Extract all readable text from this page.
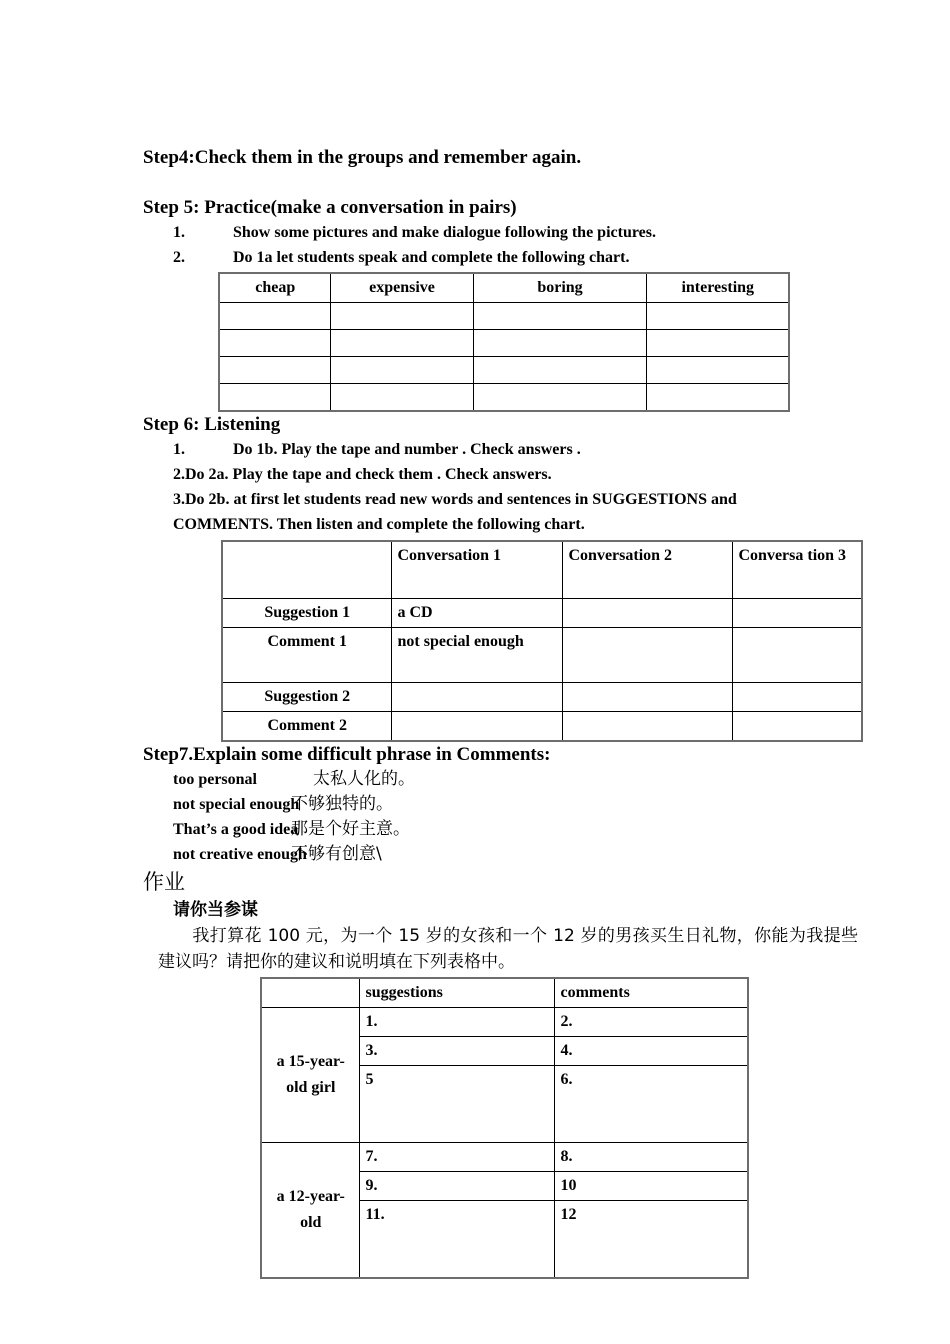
Step4:Check them in the groups and remember again.
Step 5: Practice(make a conversation in pairs)
1.	Show some pictures and make dialogue following the pictures.
2.	Do 1a let students speak and complete the following chart.
cheap	expensive	boring	interesting

Step 6: Listening
1.	Do 1b. Play the tape and number . Check answers .
2.Do 2a. Play the tape and check them . Check answers.
3.Do 2b. at first let students read new words and sentences in SUGGESTIONS and COMMENTS. Then listen and complete the following chart.
	Conversation 1	Conversation 2	Conversa tion 3
Suggestion 1	a CD		
Comment 1	not special enough		
Suggestion 2			
Comment 2			
Step7.Explain some difficult phrase in Comments:
too personal	太私人化的。
not special enough不够独特的。
That’s a good idea那是个好主意。
not creative enough不够有创意\
作业
请你当参谋
我打算花 100 元，为一个 15 岁的女孩和一个 12 岁的男孩买生日礼物，你能为我提些建议吗？请把你的建议和说明填在下列表格中。
	suggestions	comments
a 15-year-old girl	1.	2.
	3.	4.
	5	6.
a 12-year-old	7.	8.
	9.	10
	11.	12
